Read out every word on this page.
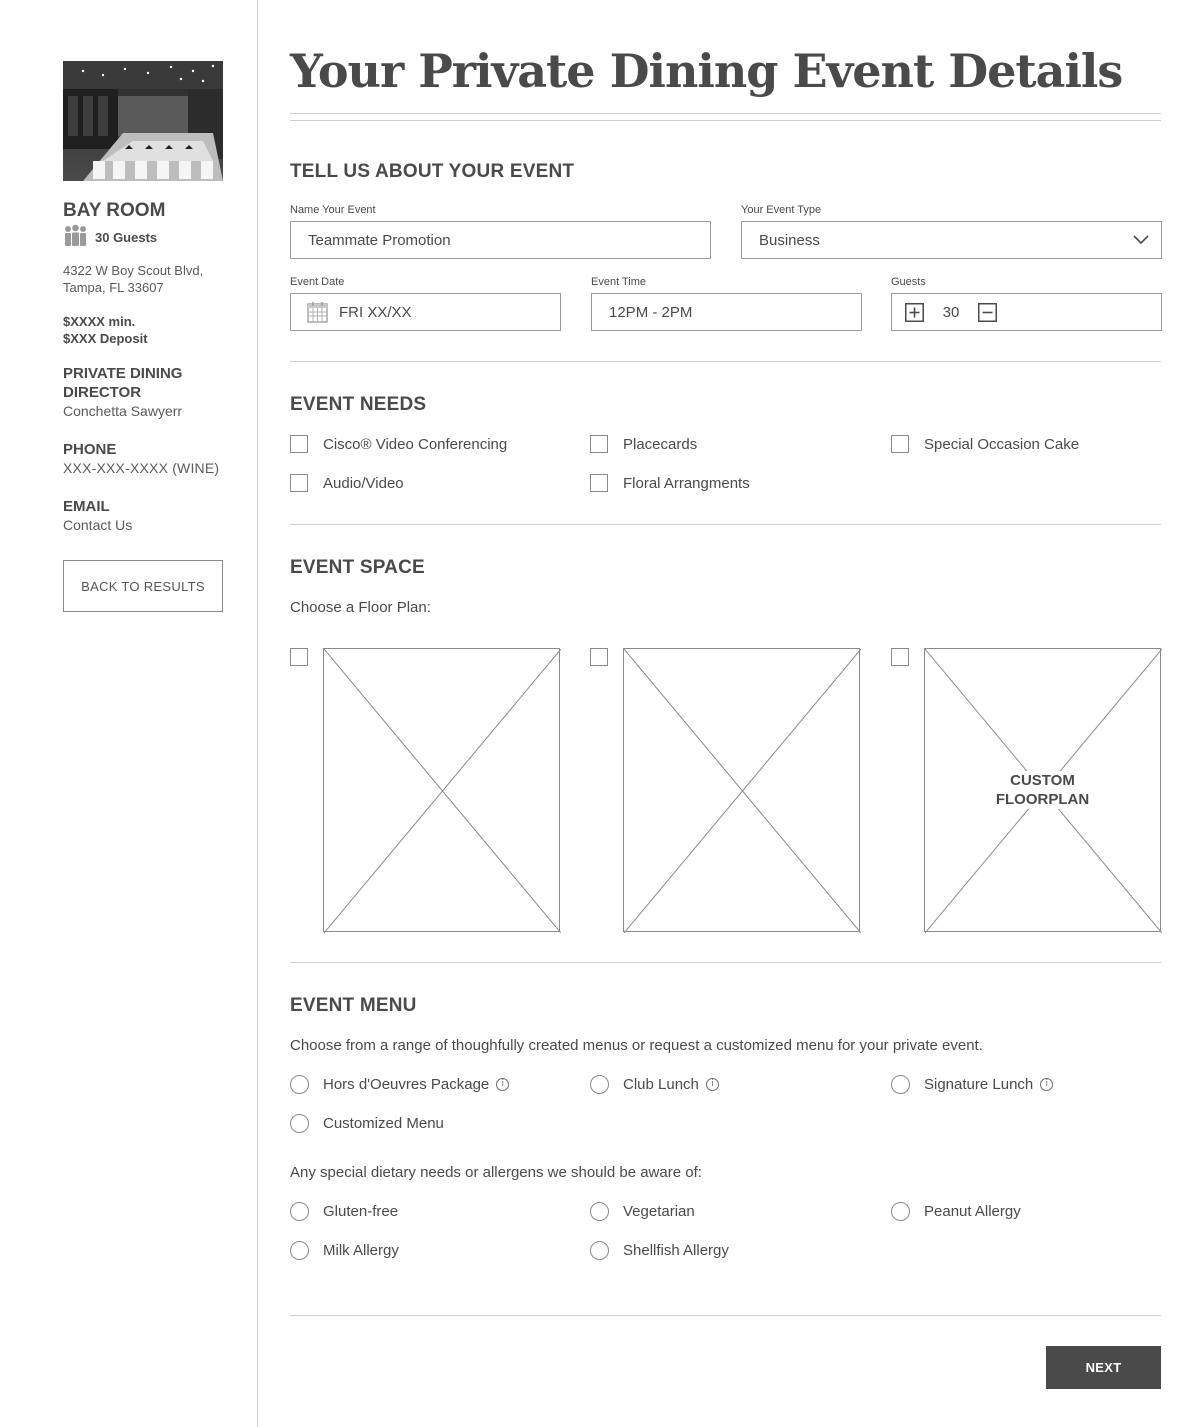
BAY ROOM
30 Guests
4322 W Boy Scout Blvd,
Tampa, FL 33607
$XXXX min.
$XXX Deposit
PRIVATE DINING
DIRECTOR
Conchetta Sawyerr
PHONE
XXX-XXX-XXXX (WINE)
EMAIL
Contact Us
BACK TO RESULTS
Your Private Dining Event Details
TELL US ABOUT YOUR EVENT
Name Your Event
Teammate Promotion
Your Event Type
Business
Event Date
FRI XX/XX
Event Time
12PM - 2PM
Guests
30
EVENT NEEDS
Cisco® Video Conferencing	Placecards	Special Occasion Cake
Audio/Video	Floral Arrangments
EVENT SPACE
Choose a Floor Plan:
CUSTOM
FLOORPLAN
EVENT MENU
Choose from a range of thoughfully created menus or request a customized menu for your private event.
Hors d'Oeuvres Package	i	Club Lunch	i	Signature Lunch	i
Customized Menu
Any special dietary needs or allergens we should be aware of:
Gluten-free	Vegetarian	Peanut Allergy
Milk Allergy	Shellfish Allergy
NEXT
